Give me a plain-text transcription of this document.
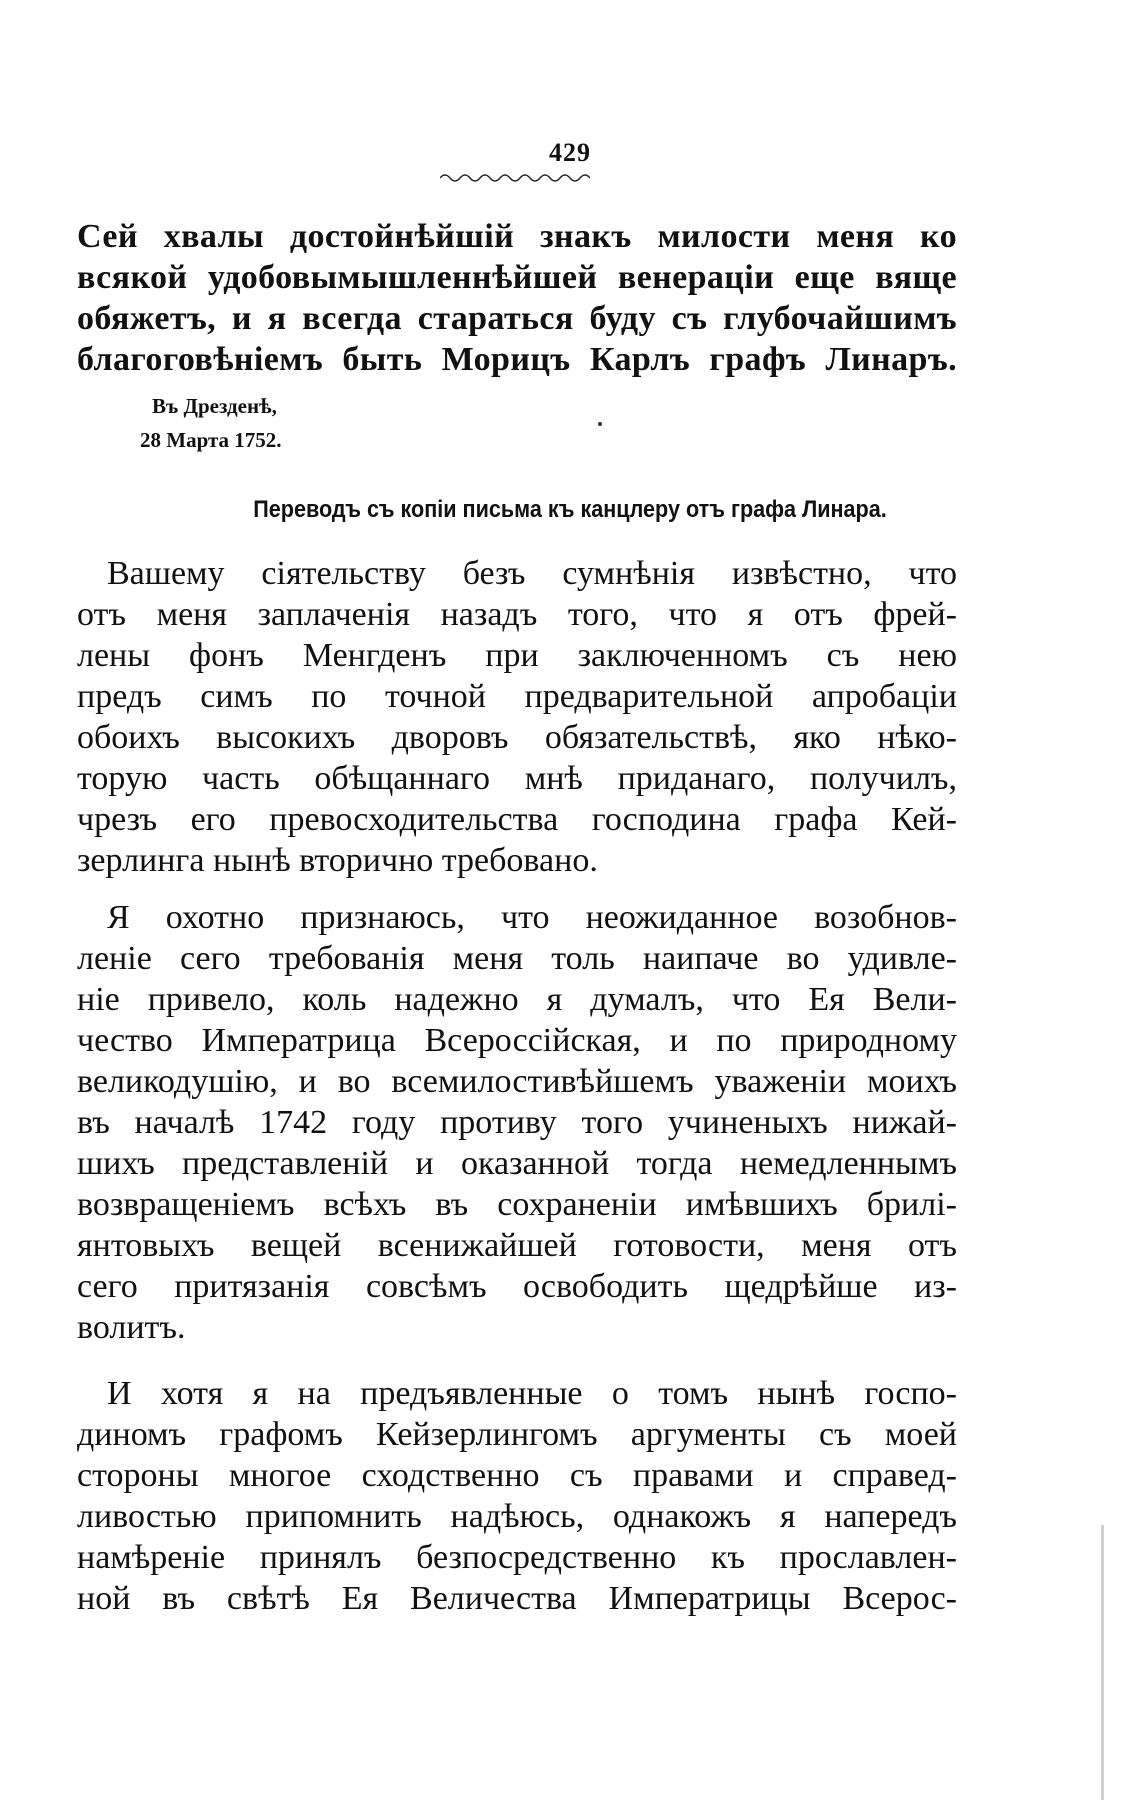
429
Сей хвалы достойнѣйшій знакъ милости меня ко
всякой удобовымышленнѣйшей венераціи еще вяще
обяжетъ, и я всегда стараться буду съ глубочайшимъ
благоговѣніемъ быть Морицъ Карлъ графъ Линаръ.
Въ Дрезденѣ,
28 Марта 1752.
Переводъ съ копіи письма къ канцлеру отъ графа Линара.
Вашему сіятельству безъ сумнѣнія извѣстно, что
отъ меня заплаченія назадъ того, что я отъ фрей-
лены фонъ Менгденъ при заключенномъ съ нею
предъ симъ по точной предварительной апробаціи
обоихъ высокихъ дворовъ обязательствѣ, яко нѣко-
торую часть обѣщаннаго мнѣ приданаго, получилъ,
чрезъ его превосходительства господина графа Кей-
зерлинга нынѣ вторично требовано.
Я охотно признаюсь, что неожиданное возобнов-
леніе сего требованія меня толь наипаче во удивле-
ніе привело, коль надежно я думалъ, что Ея Вели-
чество Императрица Всероссійская, и по природному
великодушію, и во всемилостивѣйшемъ уваженіи моихъ
въ началѣ 1742 году противу того учиненыхъ нижай-
шихъ представленій и оказанной тогда немедленнымъ
возвращеніемъ всѣхъ въ сохраненіи имѣвшихъ брилі-
янтовыхъ вещей всенижайшей готовости, меня отъ
сего притязанія совсѣмъ освободить щедрѣйше из-
волитъ.
И хотя я на предъявленные о томъ нынѣ госпо-
диномъ графомъ Кейзерлингомъ аргументы съ моей
стороны многое сходственно съ правами и справед-
ливостью припомнить надѣюсь, однакожъ я напередъ
намѣреніе принялъ безпосредственно къ прославлен-
ной въ свѣтѣ Ея Величества Императрицы Всерос-
